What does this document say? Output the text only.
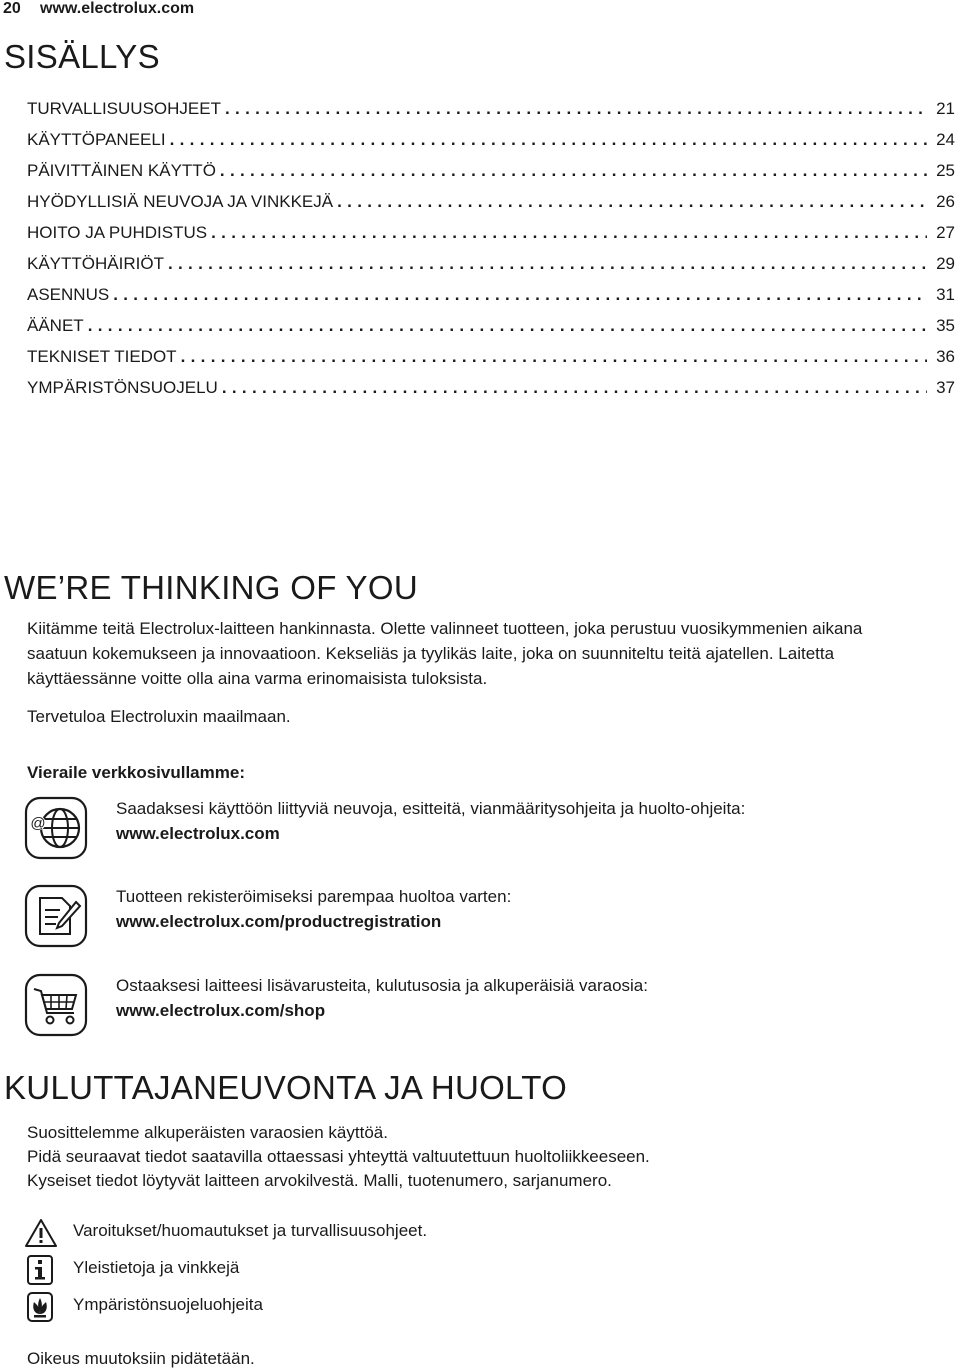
20 www.electrolux.com
SISÄLLYS
TURVALLISUUSOHJEET . . .	21
KÄYTTÖPANEELI . . .	24
PÄIVITTÄINEN KÄYTTÖ . . .	25
HYÖDYLLISIÄ NEUVOJA JA VINKKEJÄ . . .	26
HOITO JA PUHDISTUS . . .	27
KÄYTTÖHÄIRIÖT . . .	29
ASENNUS . . .	31
ÄÄNET . . .	35
TEKNISET TIEDOT . . .	36
YMPÄRISTÖNSUOJELU . . .	37
WE’RE THINKING OF YOU
Kiitämme teitä Electrolux-laitteen hankinnasta. Olette valinneet tuotteen, joka perustuu vuosikymmenien aikana saatuun kokemukseen ja innovaatioon. Kekseliäs ja tyylikäs laite, joka on suunniteltu teitä ajatellen. Laitetta käyttäessänne voitte olla aina varma erinomaisista tuloksista.
Tervetuloa Electroluxin maailmaan.
Vieraile verkkosivullamme:
@
Saadaksesi käyttöön liittyviä neuvoja, esitteitä, vianmääritysohjeita ja huolto-ohjeita:
www.electrolux.com
Tuotteen rekisteröimiseksi parempaa huoltoa varten:
www.electrolux.com/productregistration
Ostaaksesi laitteesi lisävarusteita, kulutusosia ja alkuperäisiä varaosia:
www.electrolux.com/shop
KULUTTAJANEUVONTA JA HUOLTO
Suosittelemme alkuperäisten varaosien käyttöä.
Pidä seuraavat tiedot saatavilla ottaessasi yhteyttä valtuutettuun huoltoliikkeeseen.
Kyseiset tiedot löytyvät laitteen arvokilvestä. Malli, tuotenumero, sarjanumero.
Varoitukset/huomautukset ja turvallisuusohjeet.
Yleistietoja ja vinkkejä
Ympäristönsuojeluohjeita
Oikeus muutoksiin pidätetään.
